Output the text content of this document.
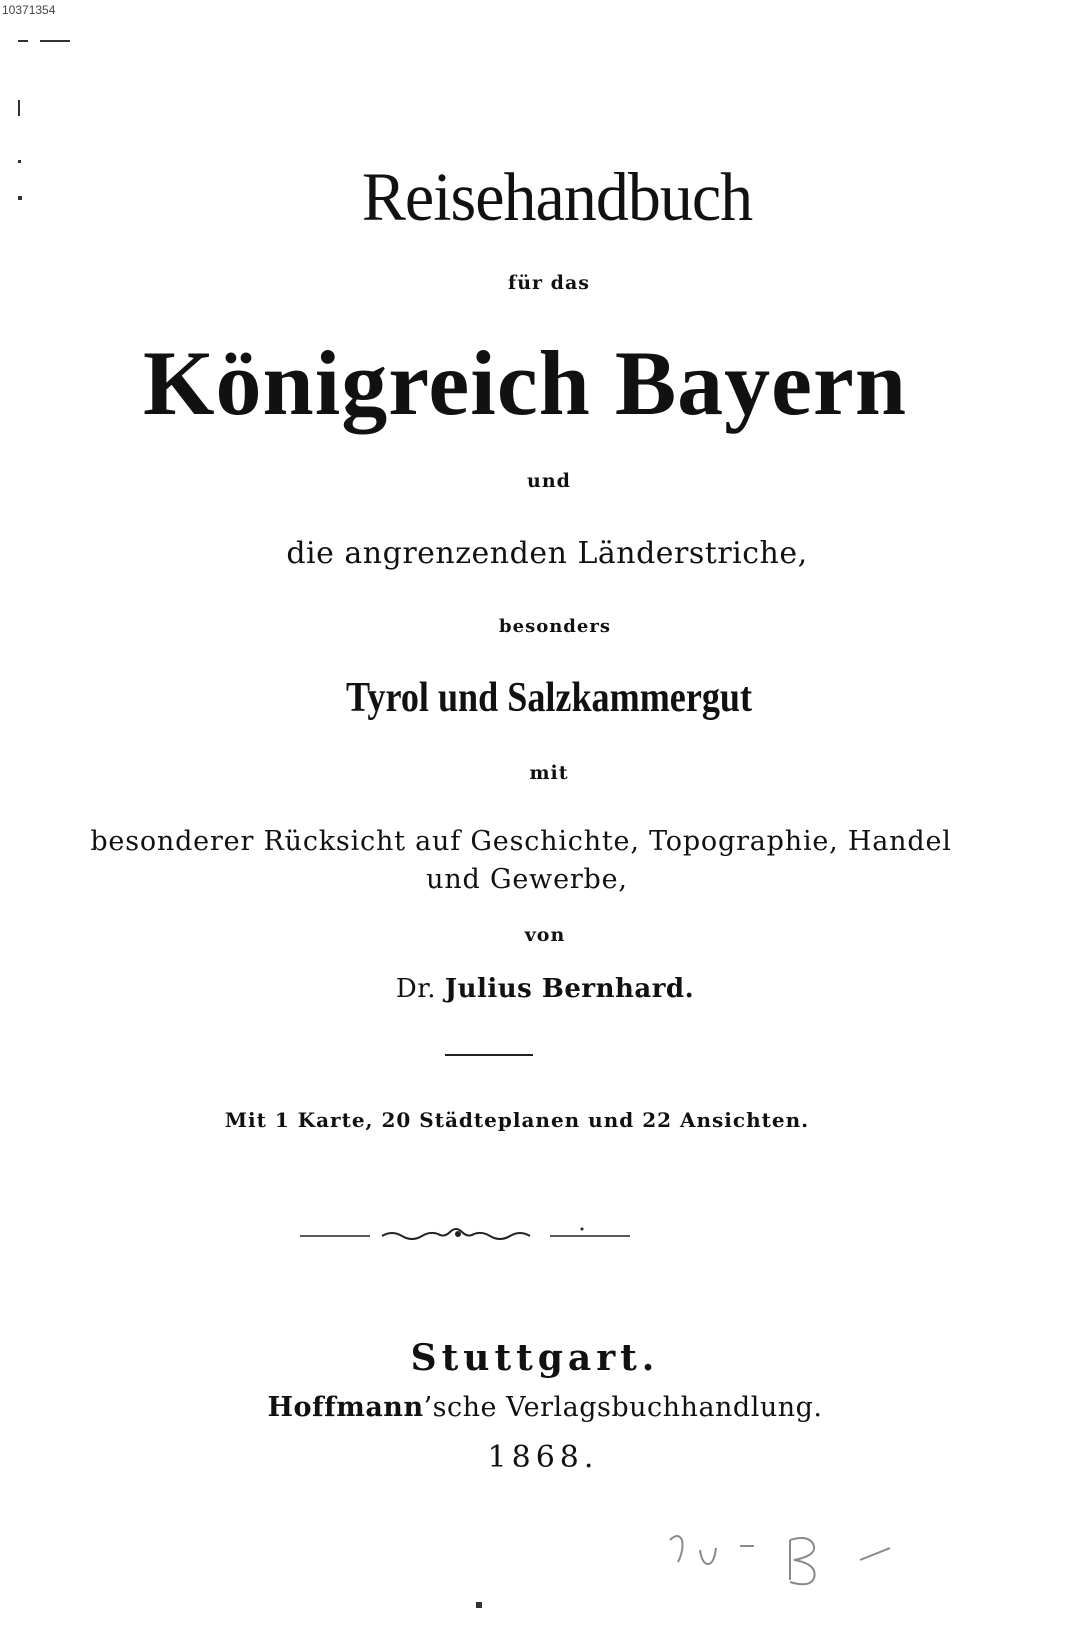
10371354
Reisehandbuch
für das
Königreich Bayern
und
die angrenzenden Länderstriche,
besonders
Tyrol und Salzkammergut
mit
besonderer Rücksicht auf Geschichte, Topographie, Handel
und Gewerbe,
von
Dr. Julius Bernhard.
Mit 1 Karte, 20 Städteplanen und 22 Ansichten.
Stuttgart.
Hoffmann’sche Verlagsbuchhandlung.
1868.
